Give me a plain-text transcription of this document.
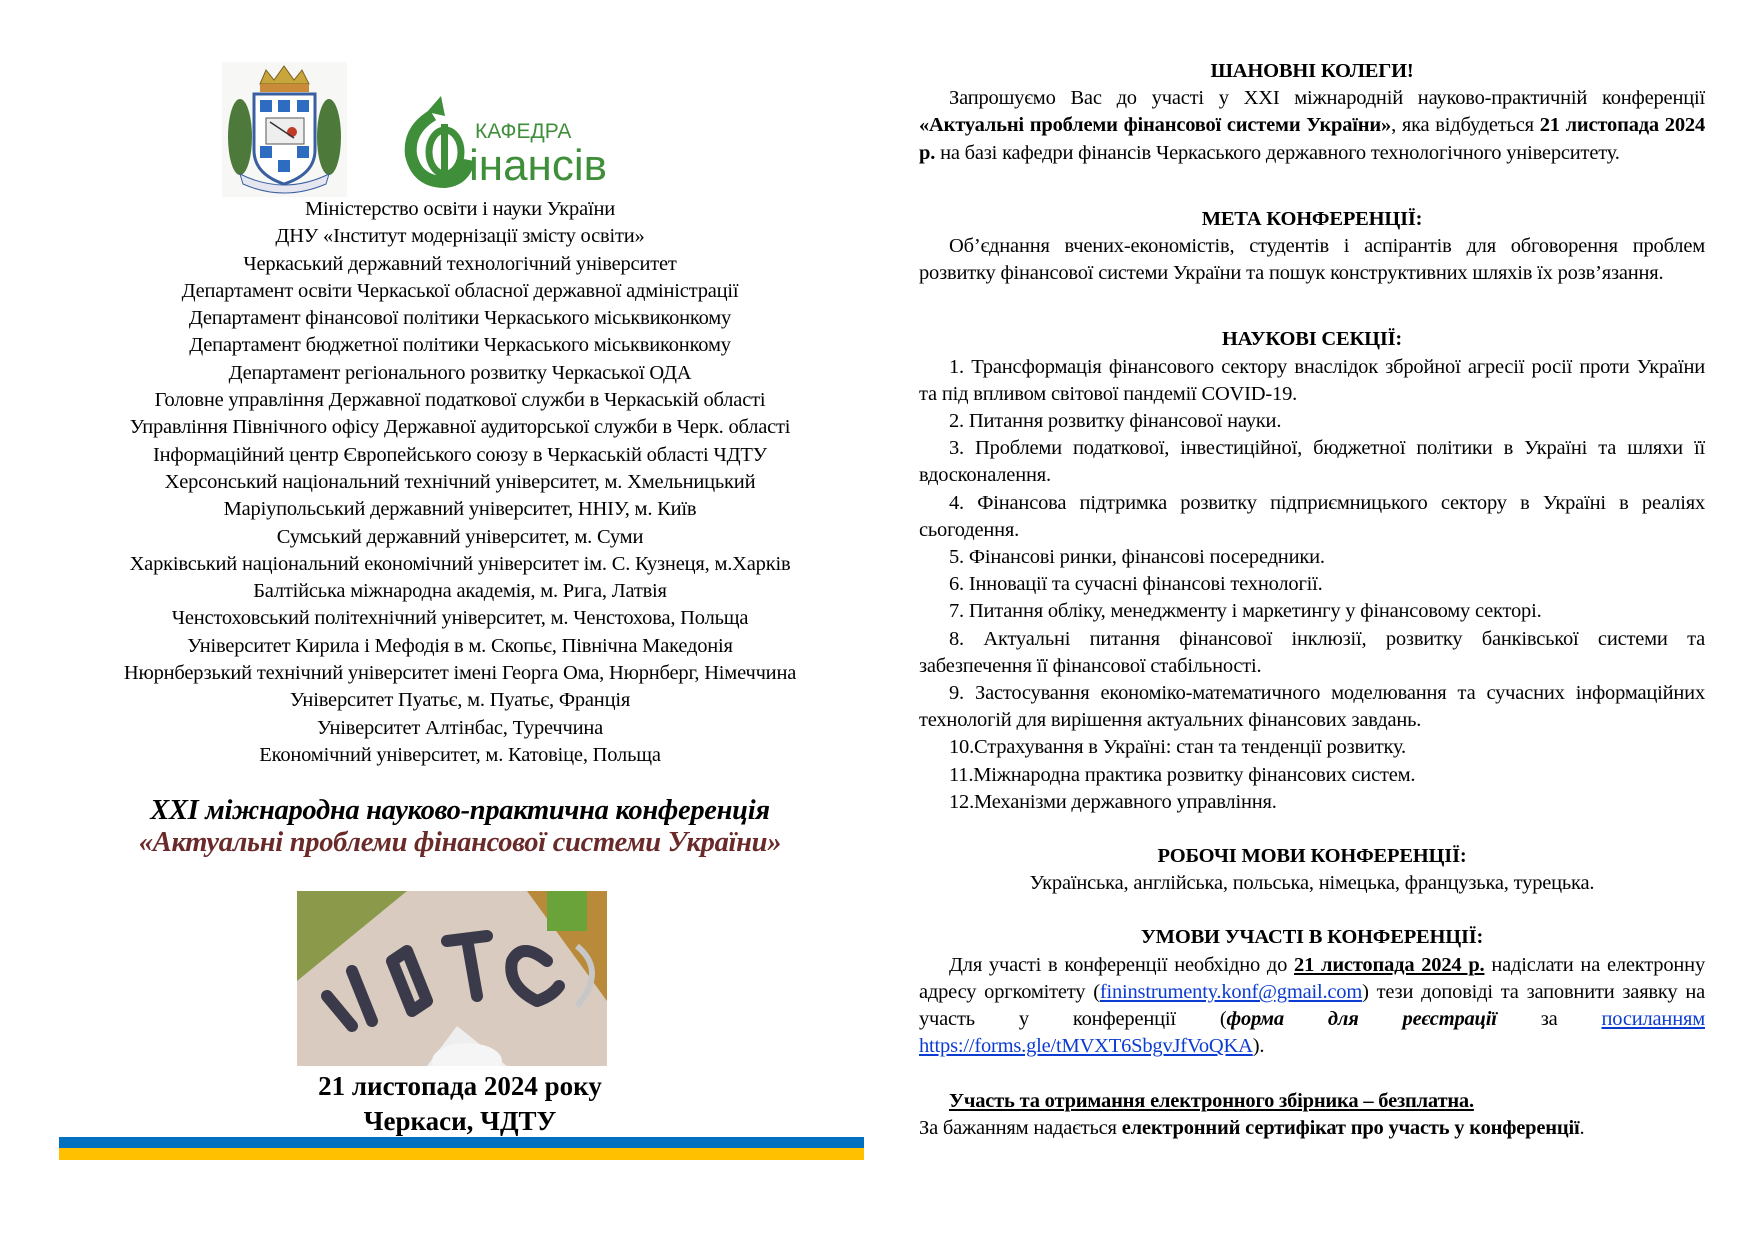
КАФЕДРА
інансів
Міністерство освіти і науки України
ДНУ «Інститут модернізації змісту освіти»
Черкаський державний технологічний університет
Департамент освіти Черкаської обласної державної адміністрації
Департамент фінансової політики Черкаського міськвиконкому
Департамент бюджетної політики Черкаського міськвиконкому
Департамент регіонального розвитку Черкаської ОДА
Головне управління Державної податкової служби в Черкаській області
Управління Північного офісу Державної аудиторської служби в Черк. області
Інформаційний центр Європейського союзу в Черкаській області ЧДТУ
Херсонський національний технічний університет, м. Хмельницький
Маріупольський державний університет, ННІУ, м. Київ
Сумський державний університет, м. Суми
Харківський національний економічний університет ім. С. Кузнеця, м.Харків
Балтійська міжнародна академія, м. Рига, Латвія
Ченстоховський політехнічний університет, м. Ченстохова, Польща
Університет Кирила і Мефодія в м. Скопьє, Північна Македонія
Нюрнберзький технічний університет імені Георга Ома, Нюрнберг, Німеччина
Університет Пуатьє, м. Пуатьє, Франція
Університет Алтінбас, Туреччина
Економічний університет, м. Катовіце, Польща
XXI міжнародна науково-практична конференція
«Актуальні проблеми фінансової системи України»
21 листопада 2024 року
Черкаси, ЧДТУ
ШАНОВНІ КОЛЕГИ!
Запрошуємо Вас до участі у XXI міжнародній науково-практичній конференції «Актуальні проблеми фінансової системи України», яка відбудеться 21 листопада 2024 р. на базі кафедри фінансів Черкаського державного технологічного університету.
МЕТА КОНФЕРЕНЦІЇ:
Об’єднання вчених-економістів, студентів і аспірантів для обговорення проблем розвитку фінансової системи України та пошук конструктивних шляхів їх розв’язання.
НАУКОВІ СЕКЦІЇ:
1. Трансформація фінансового сектору внаслідок збройної агресії росії проти України та під впливом світової пандемії COVID-19.
2. Питання розвитку фінансової науки.
3. Проблеми податкової, інвестиційної, бюджетної політики в Україні та шляхи її вдосконалення.
4. Фінансова підтримка розвитку підприємницького сектору в Україні в реаліях сьогодення.
5. Фінансові ринки, фінансові посередники.
6. Інновації та сучасні фінансові технології.
7. Питання обліку, менеджменту і маркетингу у фінансовому секторі.
8. Актуальні питання фінансової інклюзії, розвитку банківської системи та забезпечення її фінансової стабільності.
9. Застосування економіко-математичного моделювання та сучасних інформаційних технологій для вирішення актуальних фінансових завдань.
10.Страхування в Україні: стан та тенденції розвитку.
11.Міжнародна практика розвитку фінансових систем.
12.Механізми державного управління.
РОБОЧІ МОВИ КОНФЕРЕНЦІЇ:
Українська, англійська, польська, німецька, французька, турецька.
УМОВИ УЧАСТІ В КОНФЕРЕНЦІЇ:
Для участі в конференції необхідно до 21 листопада 2024 р. надіслати на електронну адресу оргкомітету (fininstrumenty.konf@gmail.com) тези доповіді та заповнити заявку на участь у конференції (форма для реєстрації за посиланням https://forms.gle/tMVXT6SbgvJfVoQKA).
Участь та отримання електронного збірника – безплатна.
За бажанням надається електронний сертифікат про участь у конференції.
